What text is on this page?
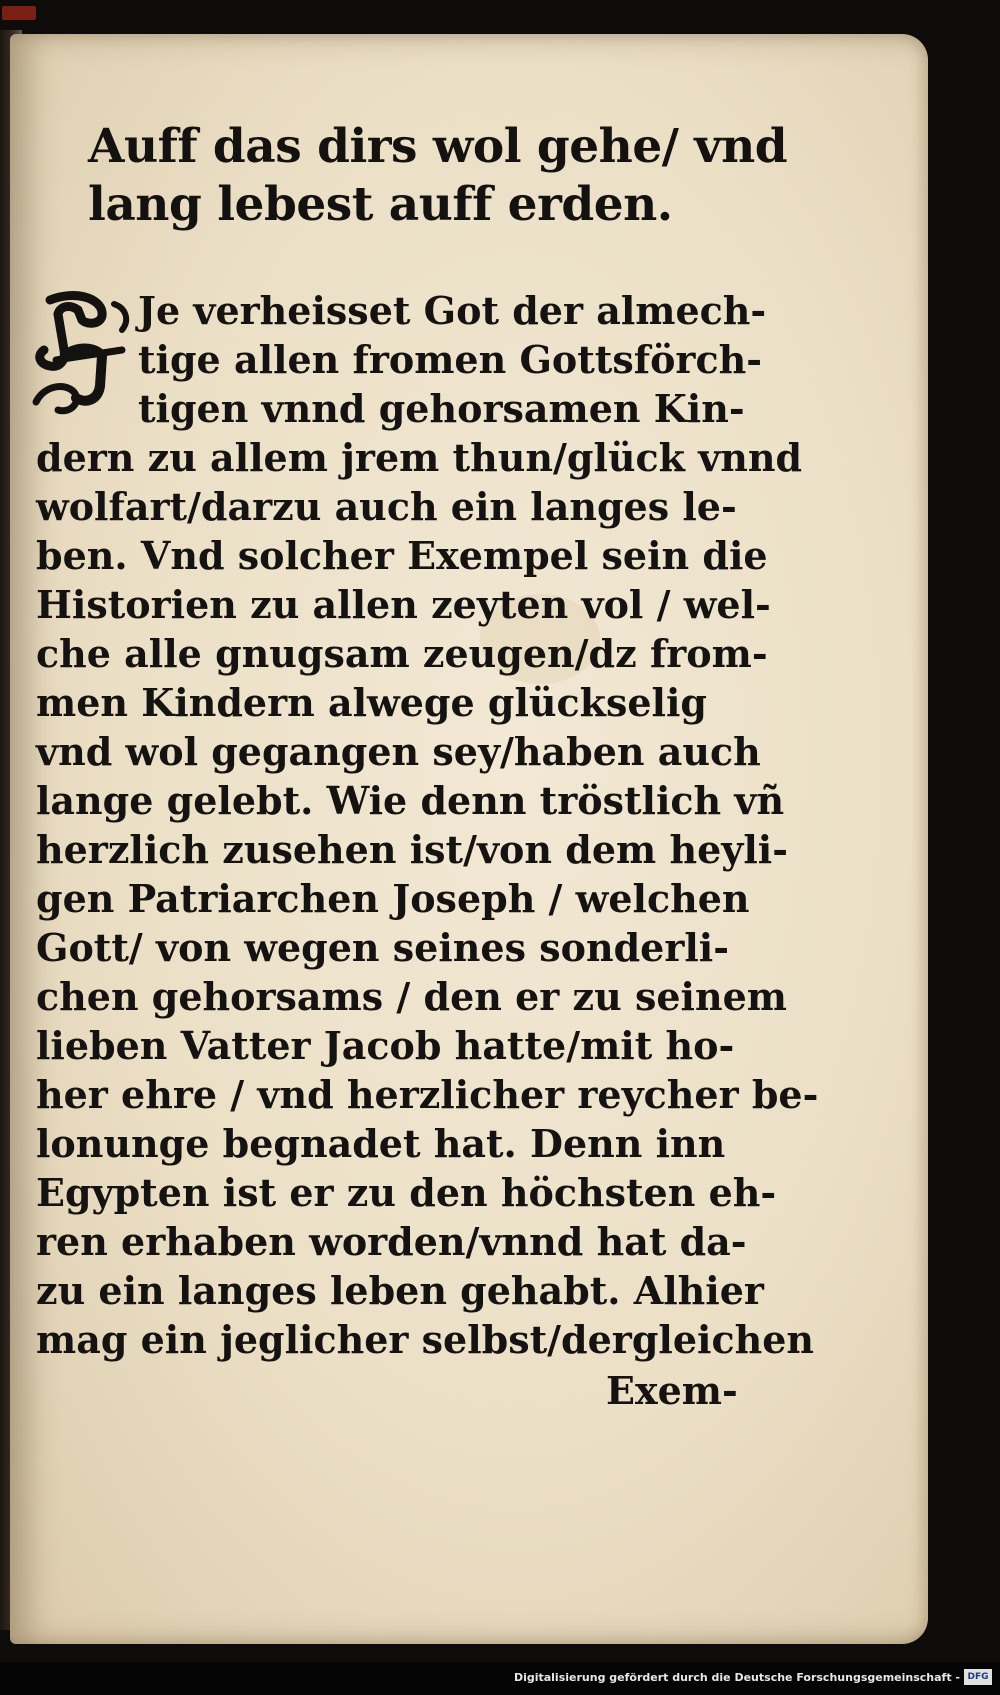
Auff das dirs wol gehe/ vnd
lang lebest auff erden.
Je verheisset Got der almech-
tige allen fromen Gottsförch-
tigen vnnd gehorsamen Kin-
dern zu allem jrem thun/glück vnnd
wolfart/darzu auch ein langes le-
ben. Vnd solcher Exempel sein die
Historien zu allen zeyten vol / wel-
che alle gnugsam zeugen/dz from-
men Kindern alwege glückselig
vnd wol gegangen sey/haben auch
lange gelebt. Wie denn tröstlich vñ
herzlich zusehen ist/von dem heyli-
gen Patriarchen Joseph / welchen
Gott/ von wegen seines sonderli-
chen gehorsams / den er zu seinem
lieben Vatter Jacob hatte/mit ho-
her ehre / vnd herzlicher reycher be-
lonunge begnadet hat. Denn inn
Egypten ist er zu den höchsten eh-
ren erhaben worden/vnnd hat da-
zu ein langes leben gehabt. Alhier
mag ein jeglicher selbst/dergleichen
Exem-
Digitalisierung gefördert durch die Deutsche Forschungsgemeinschaft - DFG
